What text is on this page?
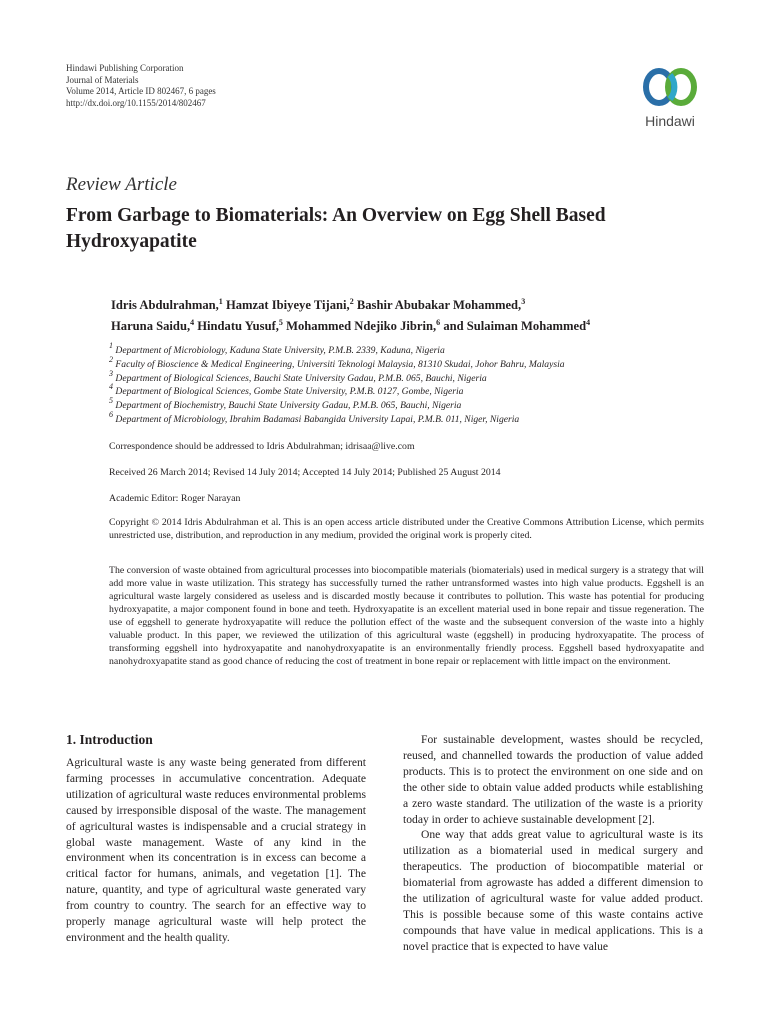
Hindawi Publishing Corporation
Journal of Materials
Volume 2014, Article ID 802467, 6 pages
http://dx.doi.org/10.1155/2014/802467
Hindawi
Review Article
From Garbage to Biomaterials: An Overview on Egg Shell Based Hydroxyapatite
Idris Abdulrahman,$^1$ Hamzat Ibiyeye Tijani,$^2$ Bashir Abubakar Mohammed,$^3$
Haruna Saidu,$^4$ Hindatu Yusuf,$^5$ Mohammed Ndejiko Jibrin,$^6$ and Sulaiman Mohammed$^4$
$^1$ Department of Microbiology, Kaduna State University, P.M.B. 2339, Kaduna, Nigeria
$^2$ Faculty of Bioscience & Medical Engineering, Universiti Teknologi Malaysia, 81310 Skudai, Johor Bahru, Malaysia
$^3$ Department of Biological Sciences, Bauchi State University Gadau, P.M.B. 065, Bauchi, Nigeria
$^4$ Department of Biological Sciences, Gombe State University, P.M.B. 0127, Gombe, Nigeria
$^5$ Department of Biochemistry, Bauchi State University Gadau, P.M.B. 065, Bauchi, Nigeria
$^6$ Department of Microbiology, Ibrahim Badamasi Babangida University Lapai, P.M.B. 011, Niger, Nigeria
Correspondence should be addressed to Idris Abdulrahman; idrisaa@live.com
Received 26 March 2014; Revised 14 July 2014; Accepted 14 July 2014; Published 25 August 2014
Academic Editor: Roger Narayan
Copyright © 2014 Idris Abdulrahman et al. This is an open access article distributed under the Creative Commons Attribution License, which permits unrestricted use, distribution, and reproduction in any medium, provided the original work is properly cited.
The conversion of waste obtained from agricultural processes into biocompatible materials (biomaterials) used in medical surgery is a strategy that will add more value in waste utilization. This strategy has successfully turned the rather untransformed wastes into high value products. Eggshell is an agricultural waste largely considered as useless and is discarded mostly because it contributes to pollution. This waste has potential for producing hydroxyapatite, a major component found in bone and teeth. Hydroxyapatite is an excellent material used in bone repair and tissue regeneration. The use of eggshell to generate hydroxyapatite will reduce the pollution effect of the waste and the subsequent conversion of the waste into a highly valuable product. In this paper, we reviewed the utilization of this agricultural waste (eggshell) in producing hydroxyapatite. The process of transforming eggshell into hydroxyapatite and nanohydroxyapatite is an environmentally friendly process. Eggshell based hydroxyapatite and nanohydroxyapatite stand as good chance of reducing the cost of treatment in bone repair or replacement with little impact on the environment.
1. Introduction

Agricultural waste is any waste being generated from different farming processes in accumulative concentration. Adequate utilization of agricultural waste reduces environmental problems caused by irresponsible disposal of the waste. The management of agricultural wastes is indispensable and a crucial strategy in global waste management. Waste of any kind in the environment when its concentration is in excess can become a critical factor for humans, animals, and vegetation [1]. The nature, quantity, and type of agricultural waste generated vary from country to country. The search for an effective way to properly manage agricultural waste will help protect the environment and the health quality.

For sustainable development, wastes should be recycled, reused, and channelled towards the production of value added products. This is to protect the environment on one side and on the other side to obtain value added products while establishing a zero waste standard. The utilization of the waste is a priority today in order to achieve sustainable development [2].

One way that adds great value to agricultural waste is its utilization as a biomaterial used in medical surgery and therapeutics. The production of biocompatible material or biomaterial from agrowaste has added a different dimension to the utilization of agricultural waste for value added product. This is possible because some of this waste contains active compounds that have value in medical applications. This is a novel practice that is expected to have value
